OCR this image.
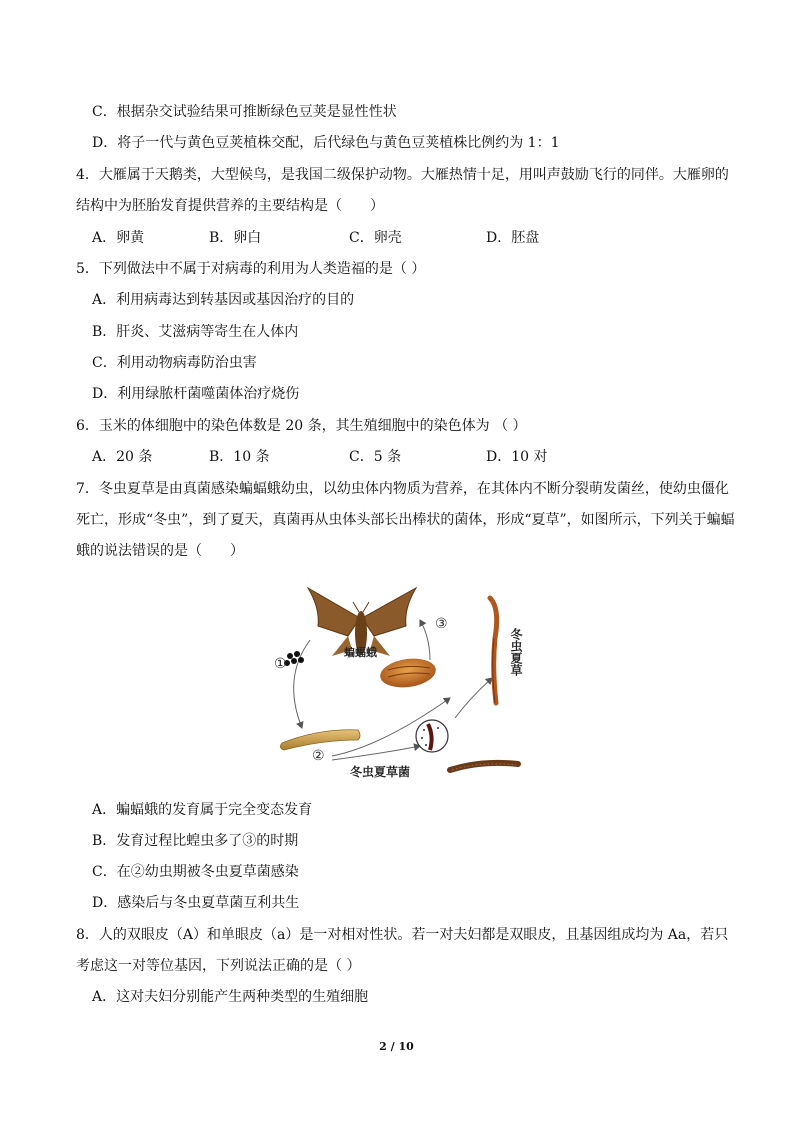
C．根据杂交试验结果可推断绿色豆荚是显性性状
D．将子一代与黄色豆荚植株交配，后代绿色与黄色豆荚植株比例约为 1：1
4．大雁属于天鹅类，大型候鸟，是我国二级保护动物。大雁热情十足，用叫声鼓励飞行的同伴。大雁卵的
结构中为胚胎发育提供营养的主要结构是（　　）
A．卵黄	B．卵白	C．卵壳	D．胚盘
5．下列做法中不属于对病毒的利用为人类造福的是（ ）
A．利用病毒达到转基因或基因治疗的目的
B．肝炎、艾滋病等寄生在人体内
C．利用动物病毒防治虫害
D．利用绿脓杆菌噬菌体治疗烧伤
6．玉米的体细胞中的染色体数是 20 条，其生殖细胞中的染色体为 （ ）
A．20 条	B．10 条	C．5 条	D．10 对
7．冬虫夏草是由真菌感染蝙蝠蛾幼虫，以幼虫体内物质为营养，在其体内不断分裂萌发菌丝，使幼虫僵化
死亡，形成“冬虫”，到了夏天，真菌再从虫体头部长出棒状的菌体，形成“夏草”，如图所示，下列关于蝙蝠
蛾的说法错误的是（　　）
①
②
③
蝙蝠蛾
冬虫夏草菌
冬虫夏草
A．蝙蝠蛾的发育属于完全变态发育
B．发育过程比蝗虫多了③的时期
C．在②幼虫期被冬虫夏草菌感染
D．感染后与冬虫夏草菌互利共生
8．人的双眼皮（A）和单眼皮（a）是一对相对性状。若一对夫妇都是双眼皮，且基因组成均为 Aa，若只
考虑这一对等位基因，下列说法正确的是（ ）
A．这对夫妇分别能产生两种类型的生殖细胞
2 / 10
